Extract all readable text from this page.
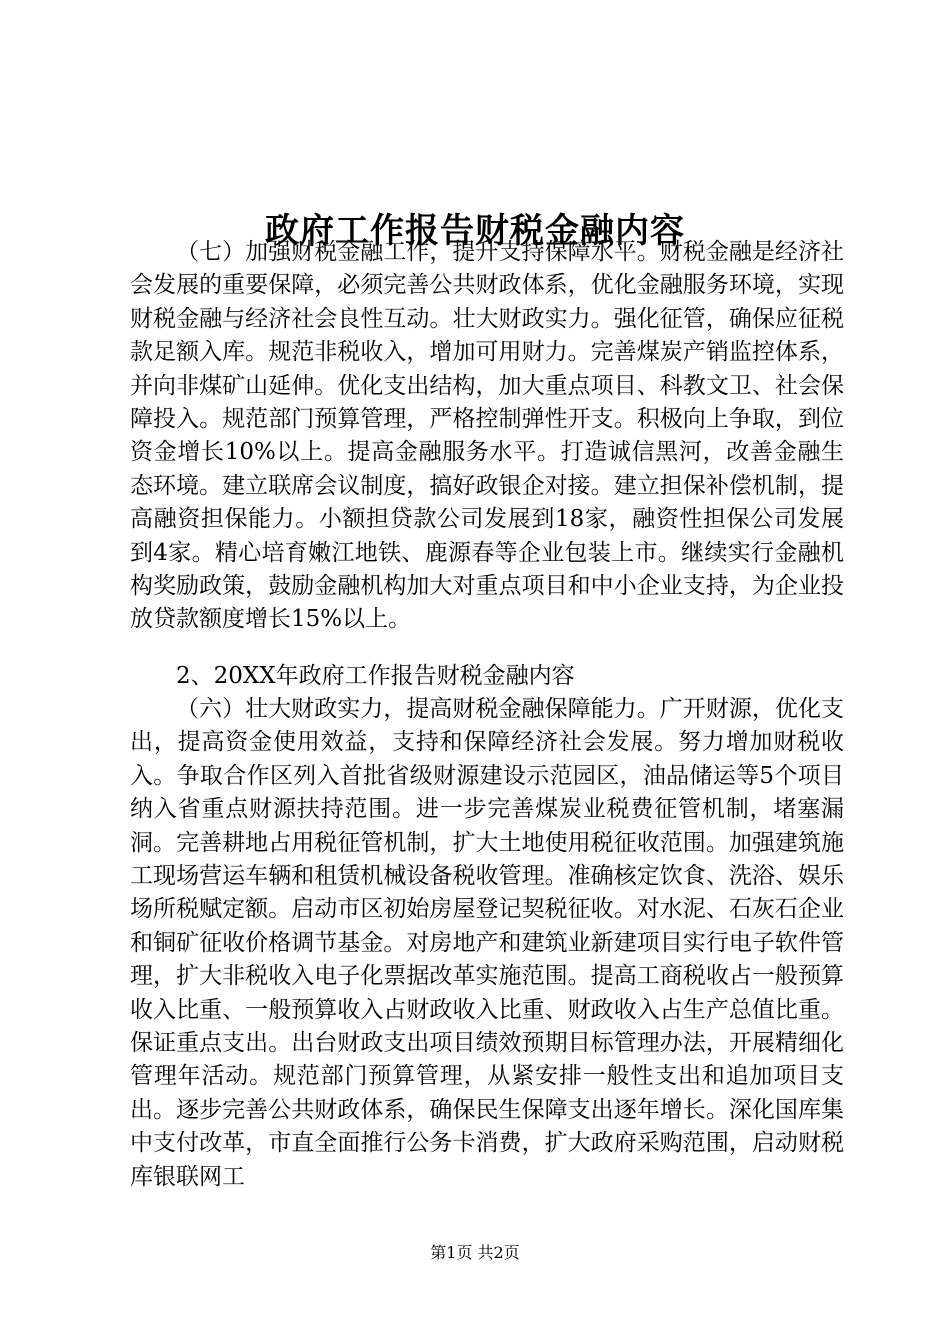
政府工作报告财税金融内容

（七）加强财税金融工作，提升支持保障水平。财税金融是经济社会发展的重要保障，必须完善公共财政体系，优化金融服务环境，实现财税金融与经济社会良性互动。壮大财政实力。强化征管，确保应征税款足额入库。规范非税收入，增加可用财力。完善煤炭产销监控体系，并向非煤矿山延伸。优化支出结构，加大重点项目、科教文卫、社会保障投入。规范部门预算管理，严格控制弹性开支。积极向上争取，到位资金增长10%以上。提高金融服务水平。打造诚信黑河，改善金融生态环境。建立联席会议制度，搞好政银企对接。建立担保补偿机制，提高融资担保能力。小额担贷款公司发展到18家，融资性担保公司发展到4家。精心培育嫩江地铁、鹿源春等企业包装上市。继续实行金融机构奖励政策，鼓励金融机构加大对重点项目和中小企业支持，为企业投放贷款额度增长15%以上。

2、20XX年政府工作报告财税金融内容

（六）壮大财政实力，提高财税金融保障能力。广开财源，优化支出，提高资金使用效益，支持和保障经济社会发展。努力增加财税收入。争取合作区列入首批省级财源建设示范园区，油品储运等5个项目纳入省重点财源扶持范围。进一步完善煤炭业税费征管机制，堵塞漏洞。完善耕地占用税征管机制，扩大土地使用税征收范围。加强建筑施工现场营运车辆和租赁机械设备税收管理。准确核定饮食、洗浴、娱乐场所税赋定额。启动市区初始房屋登记契税征收。对水泥、石灰石企业和铜矿征收价格调节基金。对房地产和建筑业新建项目实行电子软件管理，扩大非税收入电子化票据改革实施范围。提高工商税收占一般预算收入比重、一般预算收入占财政收入比重、财政收入占生产总值比重。保证重点支出。出台财政支出项目绩效预期目标管理办法，开展精细化管理年活动。规范部门预算管理，从紧安排一般性支出和追加项目支出。逐步完善公共财政体系，确保民生保障支出逐年增长。深化国库集中支付改革，市直全面推行公务卡消费，扩大政府采购范围，启动财税库银联网工

第1页 共2页
